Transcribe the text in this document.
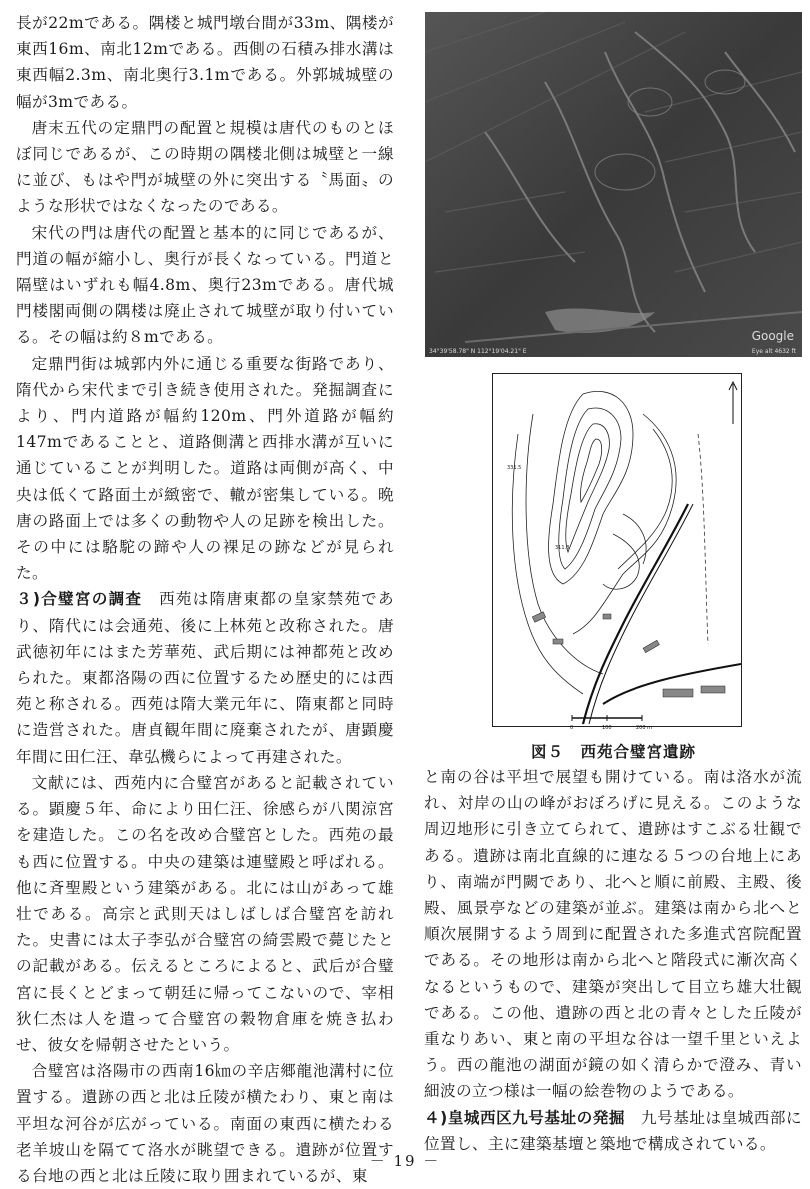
長が22mである。隅楼と城門墩台間が33m、隅楼が東西16m、南北12mである。西側の石積み排水溝は東西幅2.3m、南北奥行3.1mである。外郭城城壁の幅が3mである。

唐末五代の定鼎門の配置と規模は唐代のものとほぼ同じであるが、この時期の隅楼北側は城壁と一線に並び、もはや門が城壁の外に突出する〝馬面〟のような形状ではなくなったのである。

宋代の門は唐代の配置と基本的に同じであるが、門道の幅が縮小し、奥行が長くなっている。門道と隔壁はいずれも幅4.8m、奥行23mである。唐代城門楼閣両側の隅楼は廃止されて城壁が取り付いている。その幅は約８mである。

定鼎門街は城郭内外に通じる重要な街路であり、隋代から宋代まで引き続き使用された。発掘調査により、門内道路が幅約120m、門外道路が幅約147mであることと、道路側溝と西排水溝が互いに通じていることが判明した。道路は両側が高く、中央は低くて路面土が緻密で、轍が密集している。晩唐の路面上では多くの動物や人の足跡を検出した。その中には駱駝の蹄や人の裸足の跡などが見られた。

３)合璧宮の調査　西苑は隋唐東都の皇家禁苑であり、隋代には会通苑、後に上林苑と改称された。唐武徳初年にはまた芳華苑、武后期には神都苑と改められた。東都洛陽の西に位置するため歴史的には西苑と称される。西苑は隋大業元年に、隋東都と同時に造営された。唐貞観年間に廃棄されたが、唐顕慶年間に田仁汪、韋弘機らによって再建された。

文献には、西苑内に合璧宮があると記載されている。顕慶５年、命により田仁汪、徐感らが八関涼宮を建造した。この名を改め合璧宮とした。西苑の最も西に位置する。中央の建築は連璧殿と呼ばれる。他に斉聖殿という建築がある。北には山があって雄壮である。高宗と武則天はしばしば合璧宮を訪れた。史書には太子李弘が合璧宮の綺雲殿で薨じたとの記載がある。伝えるところによると、武后が合璧宮に長くとどまって朝廷に帰ってこないので、宰相狄仁杰は人を遣って合璧宮の穀物倉庫を焼き払わせ、彼女を帰朝させたという。

合璧宮は洛陽市の西南16㎞の辛店郷龍池溝村に位置する。遺跡の西と北は丘陵が横たわり、東と南は平坦な河谷が広がっている。南面の東西に横たわる老羊坡山を隔てて洛水が眺望できる。遺跡が位置する台地の西と北は丘陵に取り囲まれているが、東

Google
34°39'58.78" N 112°19'04.21" E	Eye alt 4632 ft
331.5
311.8
0	100	200 m
図５　西苑合璧宮遺跡

と南の谷は平坦で展望も開けている。南は洛水が流れ、対岸の山の峰がおぼろげに見える。このような周辺地形に引き立てられて、遺跡はすこぶる壮観である。遺跡は南北直線的に連なる５つの台地上にあり、南端が門闕であり、北へと順に前殿、主殿、後殿、風景亭などの建築が並ぶ。建築は南から北へと順次展開するよう周到に配置された多進式宮院配置である。その地形は南から北へと階段式に漸次高くなるというもので、建築が突出して目立ち雄大壮観である。この他、遺跡の西と北の青々とした丘陵が重なりあい、東と南の平坦な谷は一望千里といえよう。西の龍池の湖面が鏡の如く清らかで澄み、青い細波の立つ様は一幅の絵巻物のようである。

４)皇城西区九号基址の発掘　九号基址は皇城西部に位置し、主に建築基壇と築地で構成されている。

－ 19 －
